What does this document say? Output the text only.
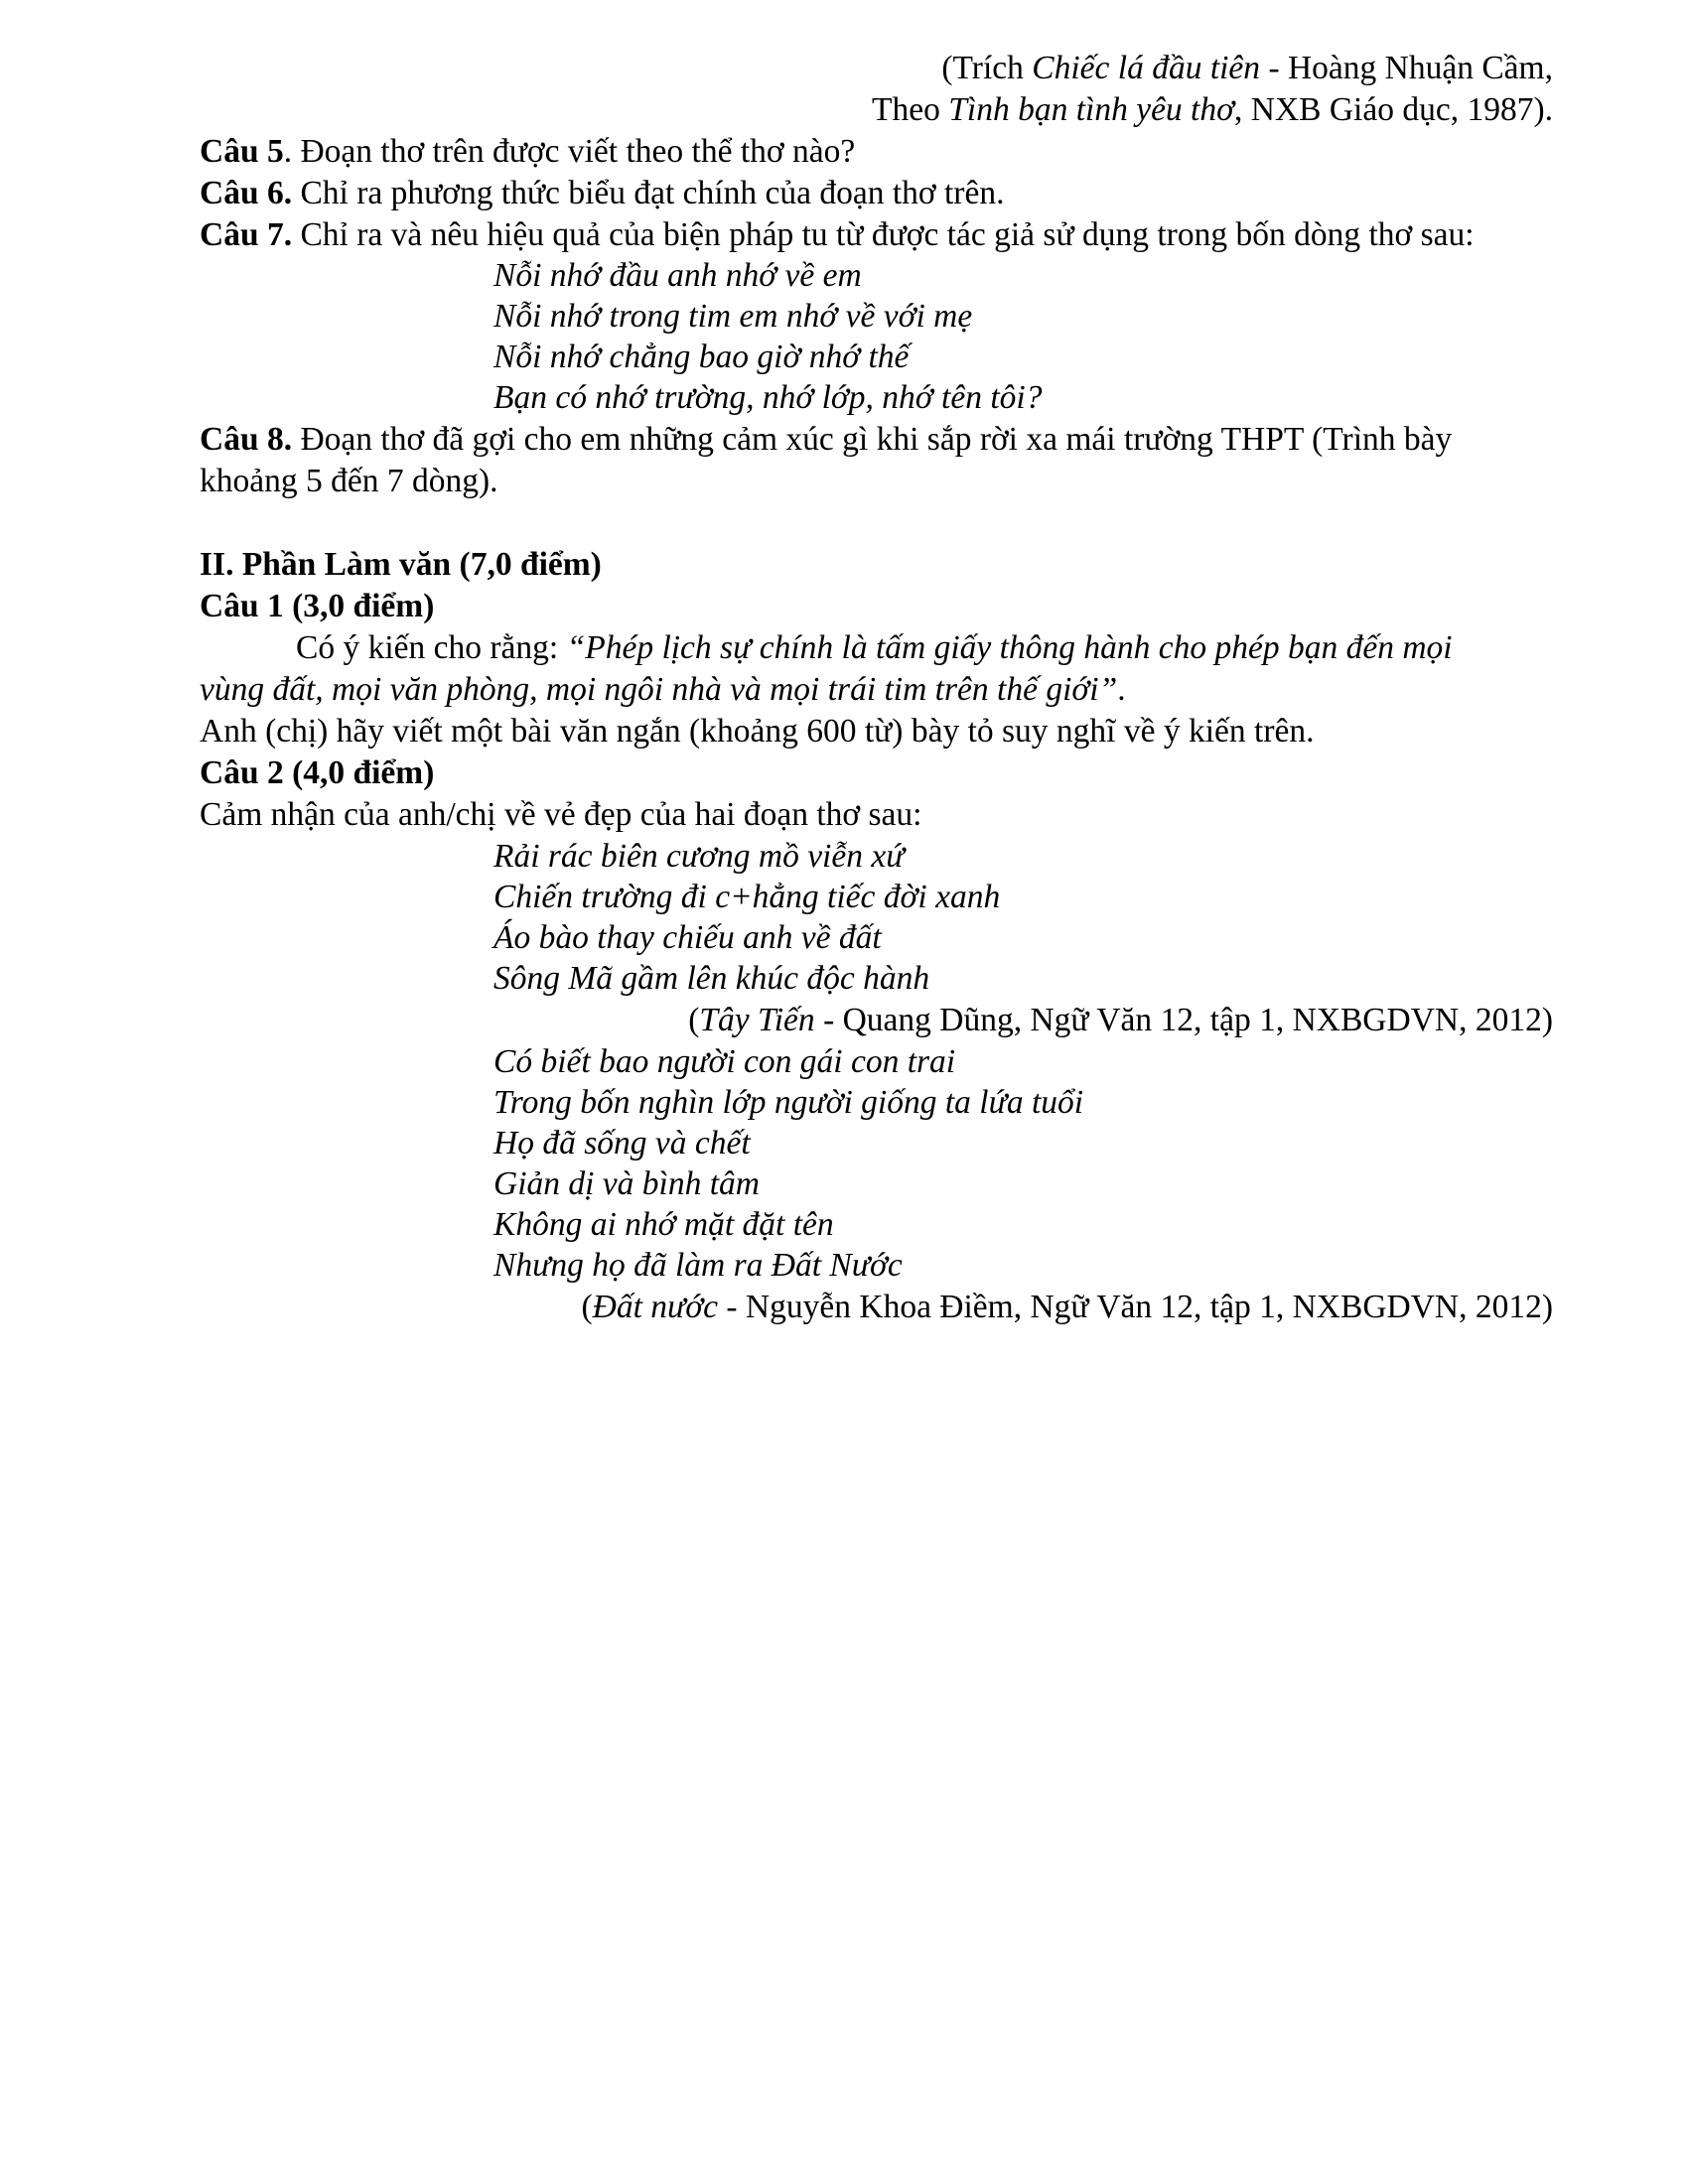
(Trích Chiếc lá đầu tiên - Hoàng Nhuận Cầm,
Theo Tình bạn tình yêu thơ, NXB Giáo dục, 1987).
Câu 5. Đoạn thơ trên được viết theo thể thơ nào?
Câu 6. Chỉ ra phương thức biểu đạt chính của đoạn thơ trên.
Câu 7. Chỉ ra và nêu hiệu quả của biện pháp tu từ được tác giả sử dụng trong bốn dòng thơ sau:
Nỗi nhớ đầu anh nhớ về em
Nỗi nhớ trong tim em nhớ về với mẹ
Nỗi nhớ chẳng bao giờ nhớ thế
Bạn có nhớ trường, nhớ lớp, nhớ tên tôi?
Câu 8. Đoạn thơ đã gợi cho em những cảm xúc gì khi sắp rời xa mái trường THPT (Trình bày
khoảng 5 đến 7 dòng).
II. Phần Làm văn (7,0 điểm)
Câu 1 (3,0 điểm)
Có ý kiến cho rằng: “Phép lịch sự chính là tấm giấy thông hành cho phép bạn đến mọi
vùng đất, mọi văn phòng, mọi ngôi nhà và mọi trái tim trên thế giới”.
Anh (chị) hãy viết một bài văn ngắn (khoảng 600 từ) bày tỏ suy nghĩ về ý kiến trên.
Câu 2 (4,0 điểm)
Cảm nhận của anh/chị về vẻ đẹp của hai đoạn thơ sau:
Rải rác biên cương mồ viễn xứ
Chiến trường đi c+hẳng tiếc đời xanh
Áo bào thay chiếu anh về đất
Sông Mã gầm lên khúc độc hành
(Tây Tiến - Quang Dũng, Ngữ Văn 12, tập 1, NXBGDVN, 2012)
Có biết bao người con gái con trai
Trong bốn nghìn lớp người giống ta lứa tuổi
Họ đã sống và chết
Giản dị và bình tâm
Không ai nhớ mặt đặt tên
Nhưng họ đã làm ra Đất Nước
(Đất nước - Nguyễn Khoa Điềm, Ngữ Văn 12, tập 1, NXBGDVN, 2012)
